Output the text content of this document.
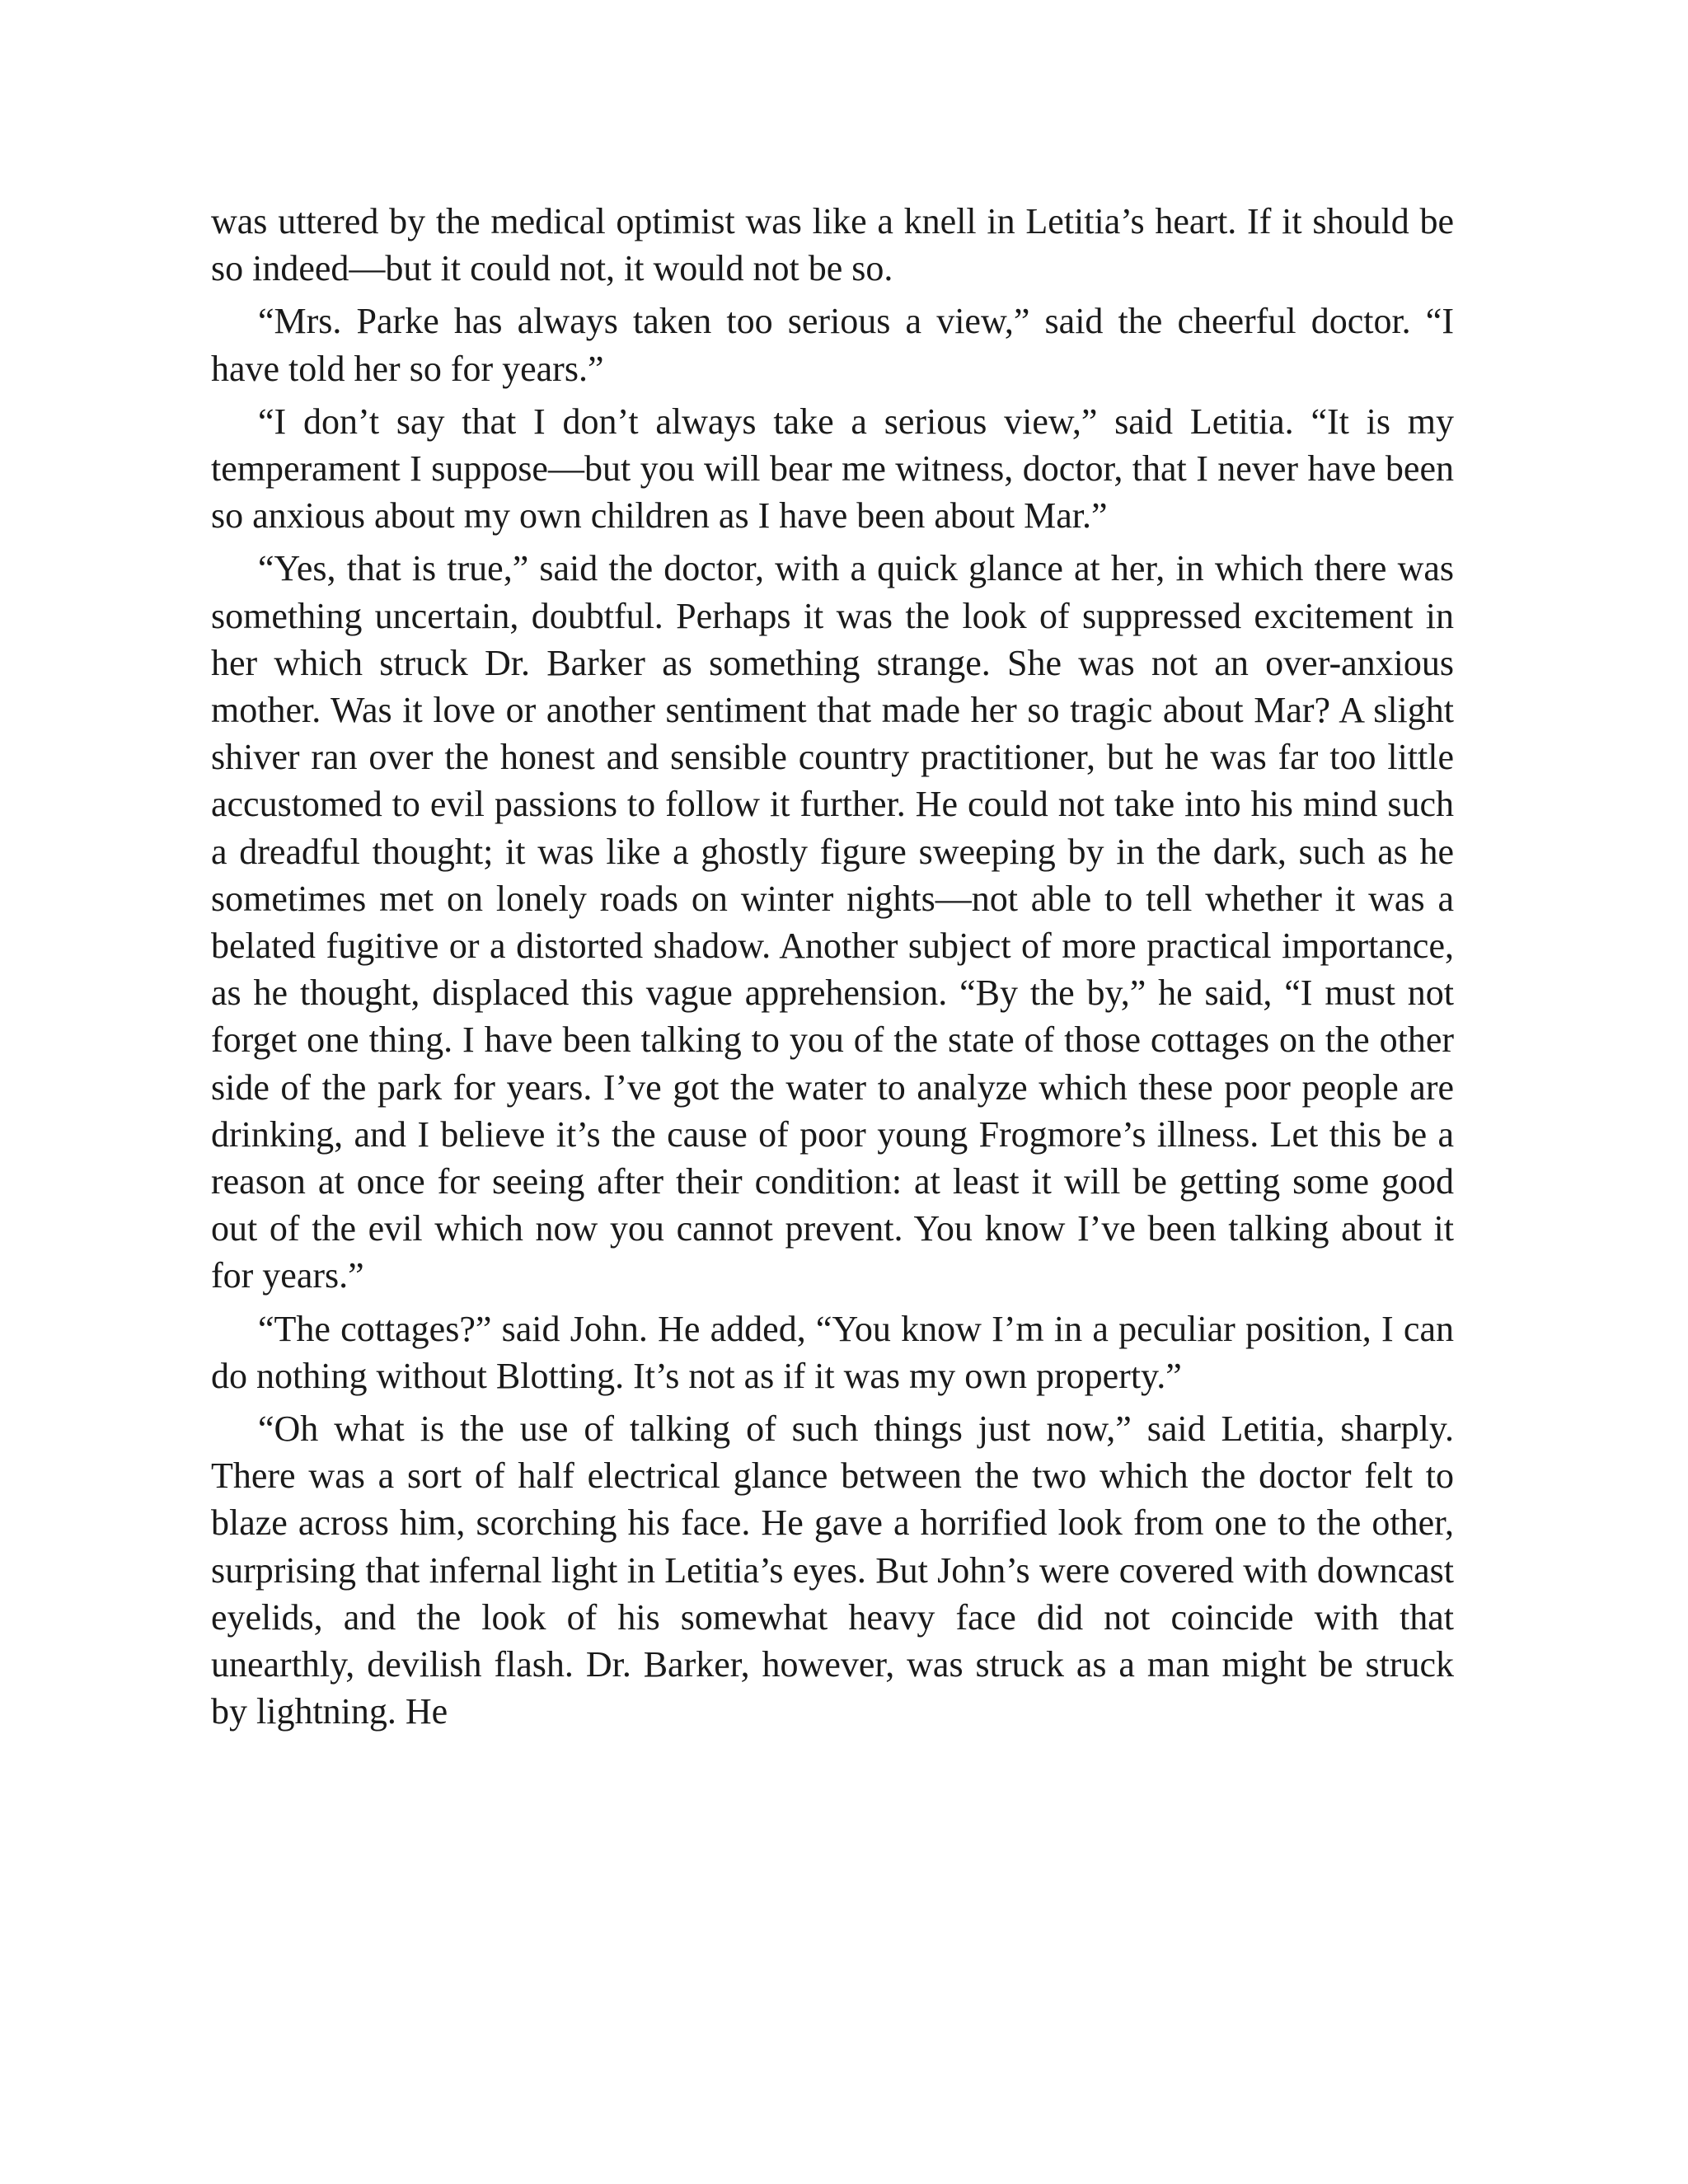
was uttered by the medical optimist was like a knell in Letitia’s heart. If it should be so indeed—but it could not, it would not be so.

“Mrs. Parke has always taken too serious a view,” said the cheerful doctor. “I have told her so for years.”

“I don’t say that I don’t always take a serious view,” said Letitia. “It is my temperament I suppose—but you will bear me witness, doctor, that I never have been so anxious about my own children as I have been about Mar.”

“Yes, that is true,” said the doctor, with a quick glance at her, in which there was something uncertain, doubtful. Perhaps it was the look of suppressed excitement in her which struck Dr. Barker as something strange. She was not an over-anxious mother. Was it love or another sentiment that made her so tragic about Mar? A slight shiver ran over the honest and sensible country practitioner, but he was far too little accustomed to evil passions to follow it further. He could not take into his mind such a dreadful thought; it was like a ghostly figure sweeping by in the dark, such as he sometimes met on lonely roads on winter nights—not able to tell whether it was a belated fugitive or a distorted shadow. Another subject of more practical importance, as he thought, displaced this vague apprehension. “By the by,” he said, “I must not forget one thing. I have been talking to you of the state of those cottages on the other side of the park for years. I’ve got the water to analyze which these poor people are drinking, and I believe it’s the cause of poor young Frogmore’s illness. Let this be a reason at once for seeing after their condition: at least it will be getting some good out of the evil which now you cannot prevent. You know I’ve been talking about it for years.”

“The cottages?” said John. He added, “You know I’m in a peculiar position, I can do nothing without Blotting. It’s not as if it was my own property.”

“Oh what is the use of talking of such things just now,” said Letitia, sharply. There was a sort of half electrical glance between the two which the doctor felt to blaze across him, scorching his face. He gave a horrified look from one to the other, surprising that infernal light in Letitia’s eyes. But John’s were covered with downcast eyelids, and the look of his somewhat heavy face did not coincide with that unearthly, devilish flash. Dr. Barker, however, was struck as a man might be struck by lightning. He
